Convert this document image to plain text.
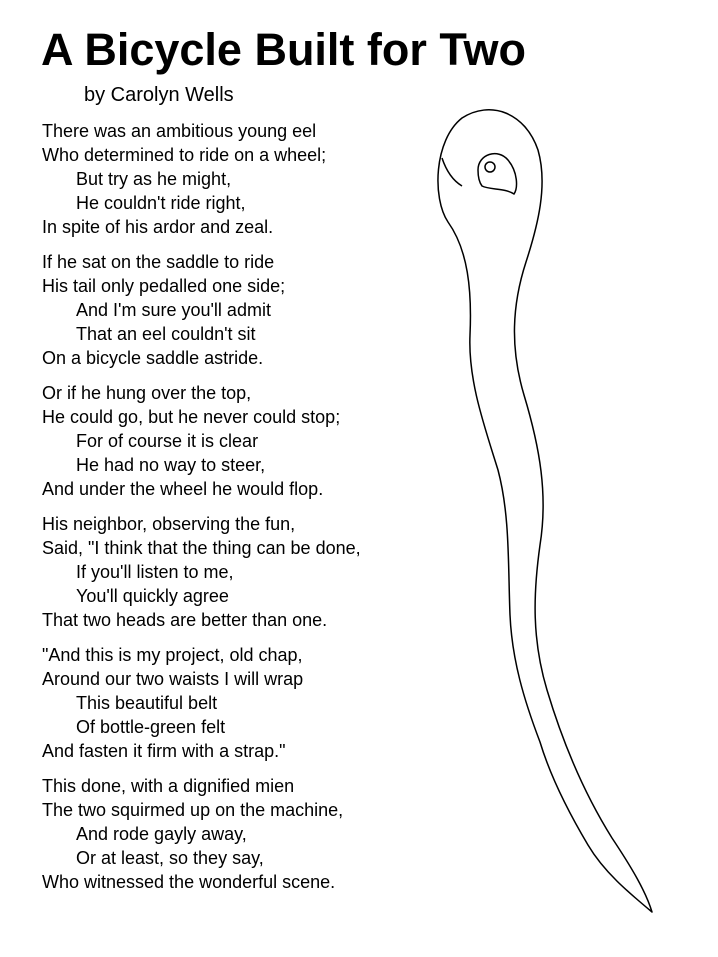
A Bicycle Built for Two
by Carolyn Wells
There was an ambitious young eel
Who determined to ride on a wheel;
But try as he might,
He couldn't ride right,
In spite of his ardor and zeal.
If he sat on the saddle to ride
His tail only pedalled one side;
And I'm sure you'll admit
That an eel couldn't sit
On a bicycle saddle astride.
Or if he hung over the top,
He could go, but he never could stop;
For of course it is clear
He had no way to steer,
And under the wheel he would flop.
His neighbor, observing the fun,
Said, "I think that the thing can be done,
If you'll listen to me,
You'll quickly agree
That two heads are better than one.
"And this is my project, old chap,
Around our two waists I will wrap
This beautiful belt
Of bottle-green felt
And fasten it firm with a strap."
This done, with a dignified mien
The two squirmed up on the machine,
And rode gayly away,
Or at least, so they say,
Who witnessed the wonderful scene.
